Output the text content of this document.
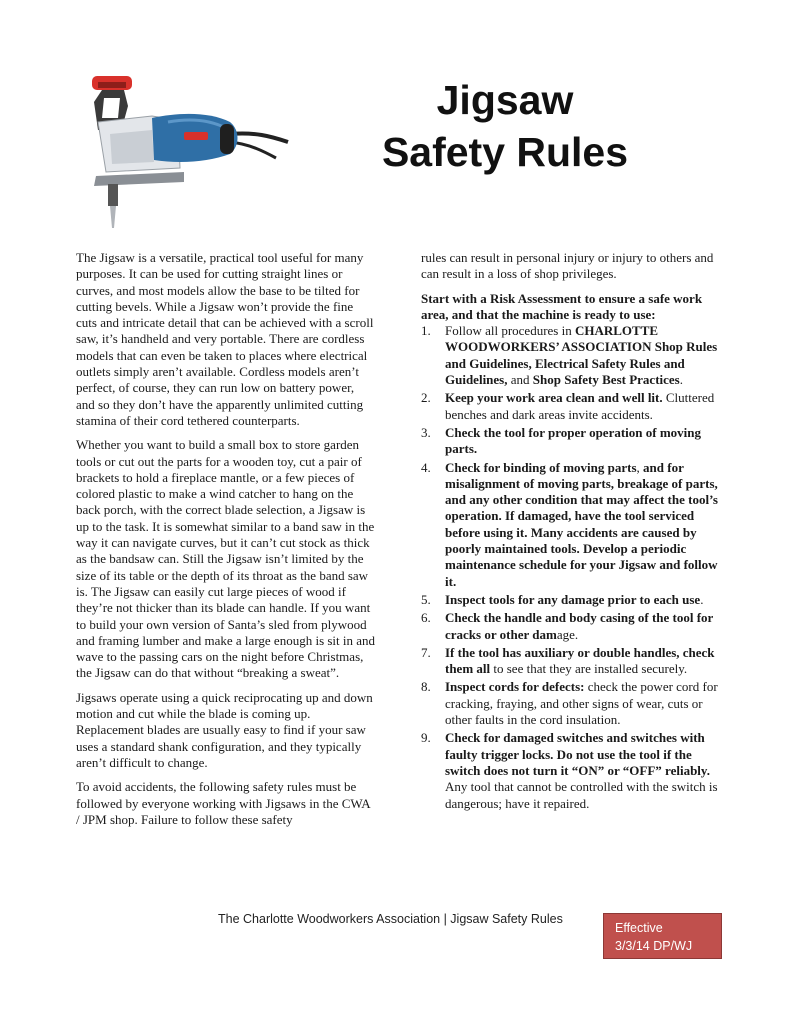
Jigsaw
Safety Rules

The Jigsaw is a versatile, practical tool useful for many purposes. It can be used for cutting straight lines or curves, and most models allow the base to be tilted for cutting bevels. While a Jigsaw won’t provide the fine cuts and intricate detail that can be achieved with a scroll saw, it’s handheld and very portable. There are cordless models that can even be taken to places where electrical outlets simply aren’t available. Cordless models aren’t perfect, of course, they can run low on battery power, and so they don’t have the apparently unlimited cutting stamina of their cord tethered counterparts.

Whether you want to build a small box to store garden tools or cut out the parts for a wooden toy, cut a pair of brackets to hold a fireplace mantle, or a few pieces of colored plastic to make a wind catcher to hang on the back porch, with the correct blade selection, a Jigsaw is up to the task. It is somewhat similar to a band saw in the way it can navigate curves, but it can’t cut stock as thick as the bandsaw can. Still the Jigsaw isn’t limited by the size of its table or the depth of its throat as the band saw is. The Jigsaw can easily cut large pieces of wood if they’re not thicker than its blade can handle. If you want to build your own version of Santa’s sled from plywood and framing lumber and make a large enough is sit in and wave to the passing cars on the night before Christmas, the Jigsaw can do that without “breaking a sweat”.

Jigsaws operate using a quick reciprocating up and down motion and cut while the blade is coming up. Replacement blades are usually easy to find if your saw uses a standard shank configuration, and they typically aren’t difficult to change.

To avoid accidents, the following safety rules must be followed by everyone working with Jigsaws in the CWA / JPM shop. Failure to follow these safety

rules can result in personal injury or injury to others and can result in a loss of shop privileges.

Start with a Risk Assessment to ensure a safe work area, and that the machine is ready to use:

1. Follow all procedures in CHARLOTTE WOODWORKERS’ ASSOCIATION Shop Rules and Guidelines, Electrical Safety Rules and Guidelines, and Shop Safety Best Practices.
2. Keep your work area clean and well lit. Cluttered benches and dark areas invite accidents.
3. Check the tool for proper operation of moving parts.
4. Check for binding of moving parts, and for misalignment of moving parts, breakage of parts, and any other condition that may affect the tool’s operation. If damaged, have the tool serviced before using it. Many accidents are caused by poorly maintained tools. Develop a periodic maintenance schedule for your Jigsaw and follow it.
5. Inspect tools for any damage prior to each use.
6. Check the handle and body casing of the tool for cracks or other damage.
7. If the tool has auxiliary or double handles, check them all to see that they are installed securely.
8. Inspect cords for defects: check the power cord for cracking, fraying, and other signs of wear, cuts or other faults in the cord insulation.
9. Check for damaged switches and switches with faulty trigger locks. Do not use the tool if the switch does not turn it “ON” or “OFF” reliably. Any tool that cannot be controlled with the switch is dangerous; have it repaired.
The Charlotte Woodworkers Association | Jigsaw Safety Rules
Effective
3/3/14 DP/WJ
